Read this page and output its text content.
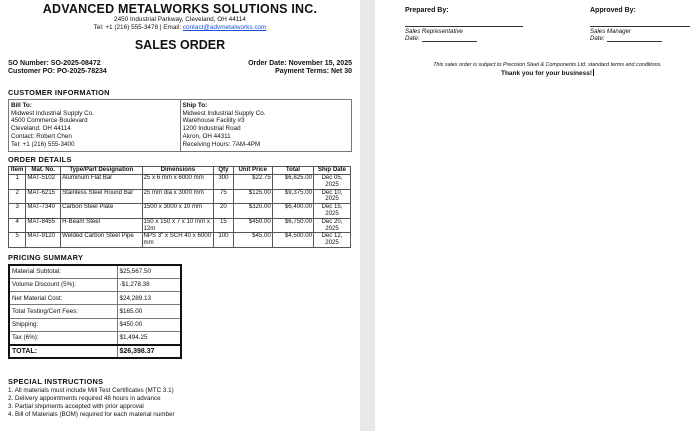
ADVANCED METALWORKS SOLUTIONS INC.
2450 Industrial Parkway, Cleveland, OH 44114
Tel: +1 (216) 555-3478 | Email: contact@advmetalworks.com
SALES ORDER
SO Number: SO-2025-08472
Customer PO: PO-2025-78234
Order Date: November 15, 2025
Payment Terms: Net 30
CUSTOMER INFORMATION
Bill To:
Midwest Industrial Supply Co.
4500 Commerce Boulevard
Cleveland, OH 44114
Contact: Robert Chen
Tel: +1 (216) 555-3400
Ship To:
Midwest Industrial Supply Co.
Warehouse Facility #3
1200 Industrial Road
Akron, OH 44311
Receiving Hours: 7AM-4PM
ORDER DETAILS
Item	Mat. No.	Type/Part Designation	Dimensions	Qty	Unit Price	Total	Ship Date
1	MAT-5102	Aluminum Flat Bar	25 x 6 mm x 6000 mm	300	$22.75	$6,825.00	Dec 05, 2025
2	MAT-6215	Stainless Steel Round Bar	25 mm dia x 3000 mm	75	$125.00	$9,375.00	Dec 10, 2025
3	MAT-7340	Carbon Steel Plate	1500 x 3000 x 10 mm	20	$320.00	$6,400.00	Dec 15, 2025
4	MAT-8455	H-Beam Steel	150 x 150 x 7 x 10 mm x 12m	15	$450.00	$6,750.00	Dec 20, 2025
5	MAT-9120	Welded Carbon Steel Pipe	NPS 3" x SCH 40 x 6000 mm	100	$45.00	$4,500.00	Dec 12, 2025
PRICING SUMMARY
Material Subtotal:	$25,567.50
Volume Discount (5%):	-$1,278.38
Net Material Cost:	$24,289.13
Total Testing/Cert Fees:	$165.00
Shipping:	$450.00
Tax (6%):	$1,494.25
TOTAL:	$26,398.37
SPECIAL INSTRUCTIONS
1. All materials must include Mill Test Certificates (MTC 3.1)
2. Delivery appointments required 48 hours in advance
3. Partial shipments accepted with prior approval
4. Bill of Materials (BOM) required for each material number
Prepared By:
Sales Representative
Date:
Approved By:
Sales Manager
Date:
This sales order is subject to Precision Steel & Components Ltd. standard terms and conditions.
Thank you for your business!
